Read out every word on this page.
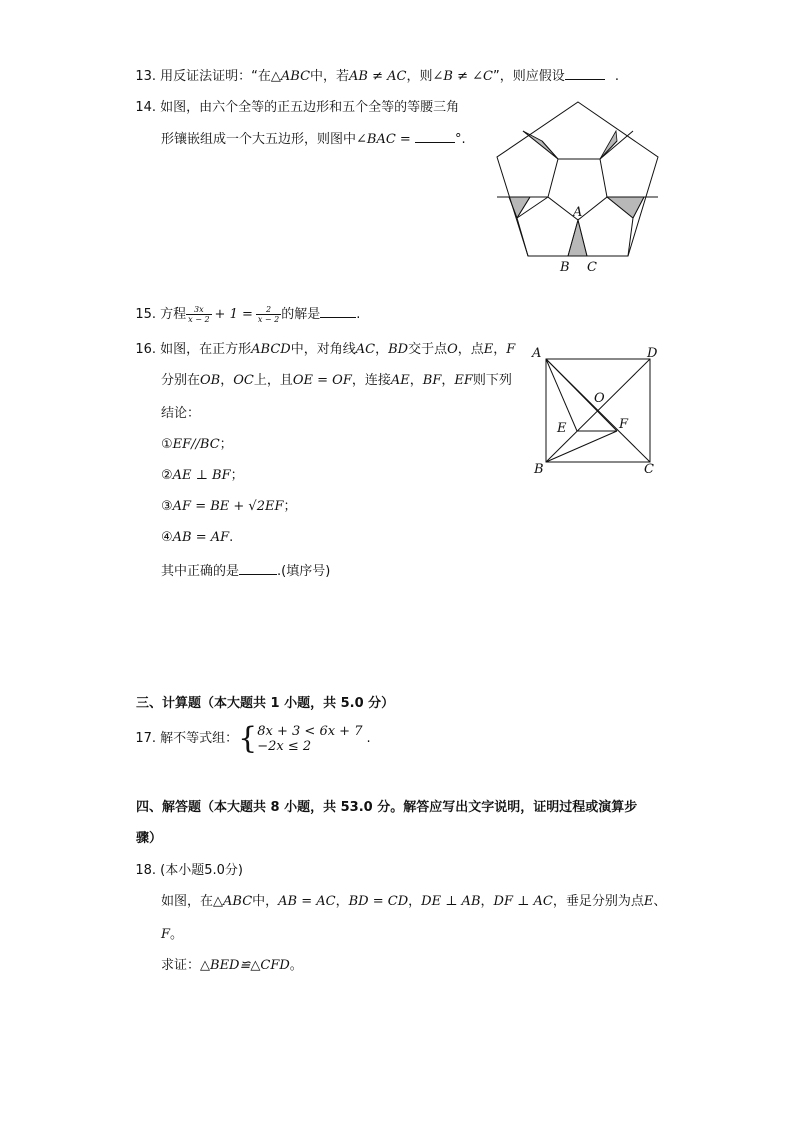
13. 用反证法证明：“在△ABC中，若AB ≠ AC，则∠B ≠ ∠C”，则应假设	.
14. 如图，由六个全等的正五边形和五个全等的等腰三角
形镶嵌组成一个大五边形，则图中∠BAC =	°.
A
B C
15. 方程 $\frac{3x}{x - 2} + 1 = \frac{2}{x - 2}$ 的解是	.
16. 如图，在正方形ABCD中，对角线AC，BD交于点O，点E，F
分别在OB，OC上，且OE = OF，连接AE，BF，EF则下列
结论：
①EF//BC；
②AE ⊥ BF；
③AF = BE + √2EF；
④AB = AF.
其中正确的是	.(填序号)
A	D
O
E	F
B	C
三、计算题（本大题共 1 小题，共 5.0 分）
17. 解不等式组：{ 8x + 3 < 6x + 7
−2x ≤ 2	.
四、解答题（本大题共 8 小题，共 53.0 分。解答应写出文字说明，证明过程或演算步
骤）
18. (本小题5.0分)
如图，在△ABC中，AB = AC，BD = CD，DE ⊥ AB，DF ⊥ AC，垂足分别为点E、
F。
求证：△BED≌△CFD。
